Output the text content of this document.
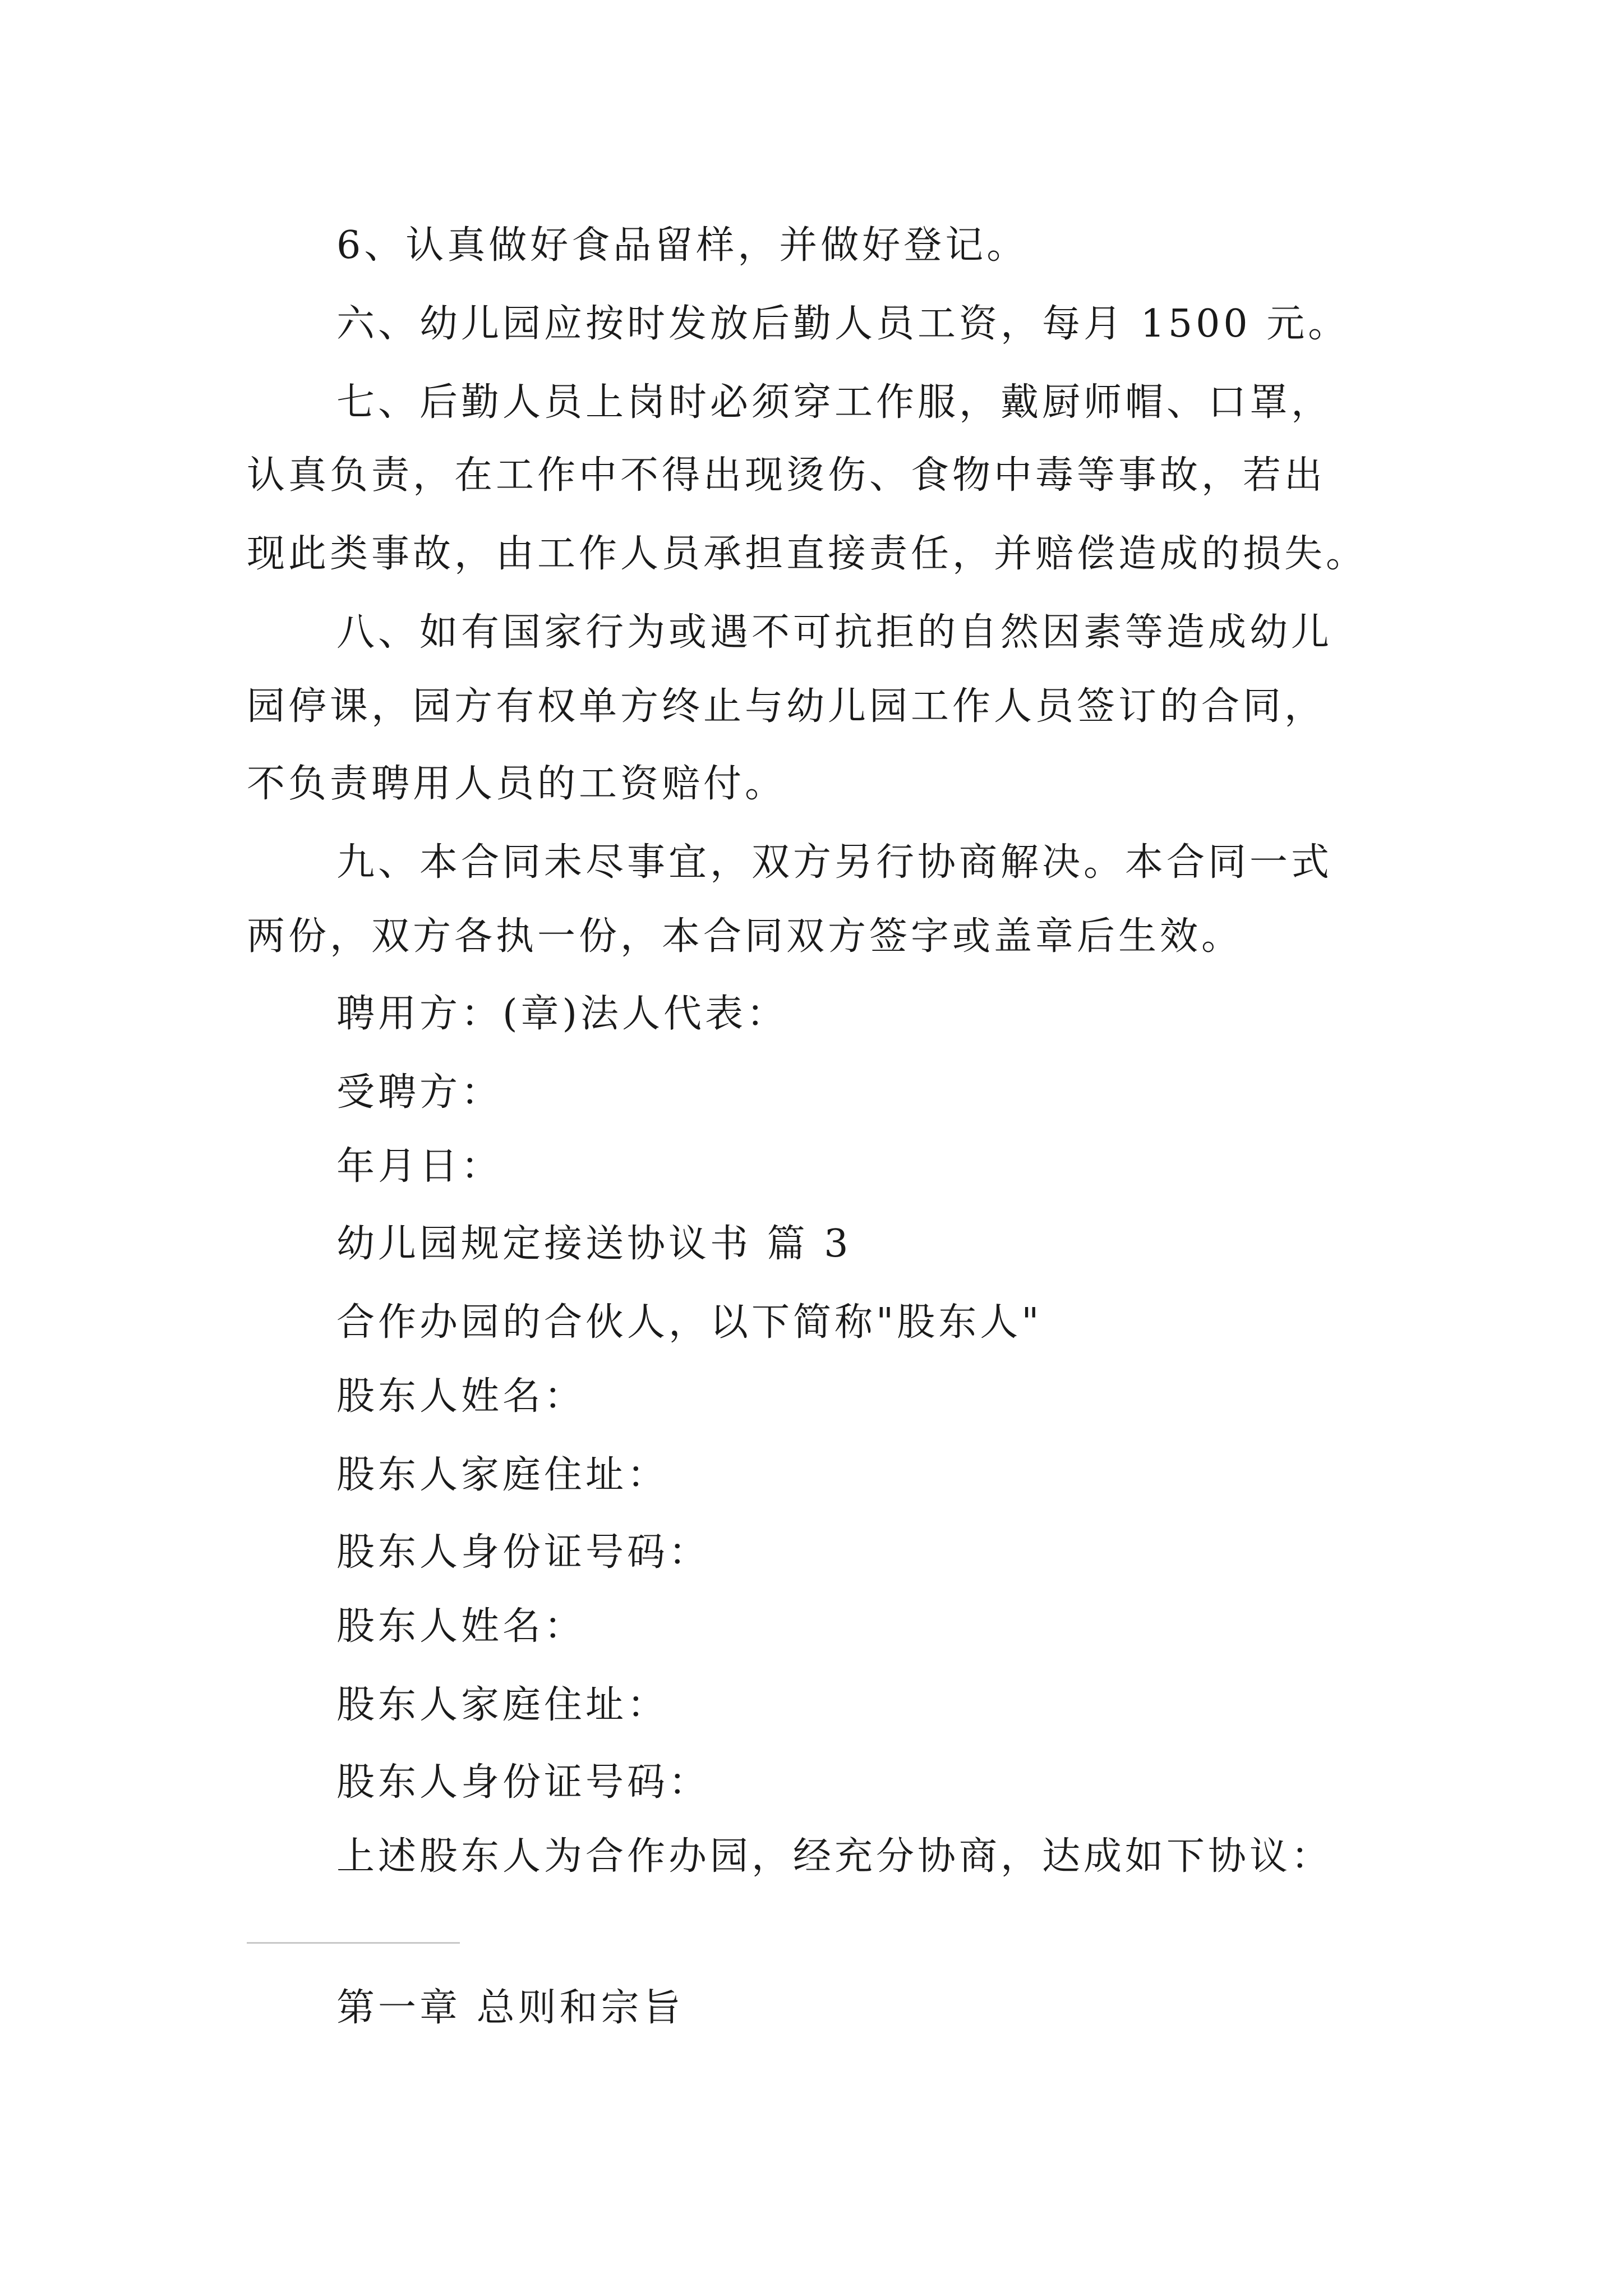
6、认真做好食品留样，并做好登记。
六、幼儿园应按时发放后勤人员工资，每月 1500 元。
七、后勤人员上岗时必须穿工作服，戴厨师帽、口罩，
认真负责，在工作中不得出现烫伤、食物中毒等事故，若出
现此类事故，由工作人员承担直接责任，并赔偿造成的损失。
八、如有国家行为或遇不可抗拒的自然因素等造成幼儿
园停课，园方有权单方终止与幼儿园工作人员签订的合同，
不负责聘用人员的工资赔付。
九、本合同未尽事宜，双方另行协商解决。本合同一式
两份，双方各执一份，本合同双方签字或盖章后生效。
聘用方：(章)法人代表：
受聘方：
年月日：
幼儿园规定接送协议书 篇 3
合作办园的合伙人，以下简称"股东人"
股东人姓名：
股东人家庭住址：
股东人身份证号码：
股东人姓名：
股东人家庭住址：
股东人身份证号码：
上述股东人为合作办园，经充分协商，达成如下协议：
第一章 总则和宗旨
